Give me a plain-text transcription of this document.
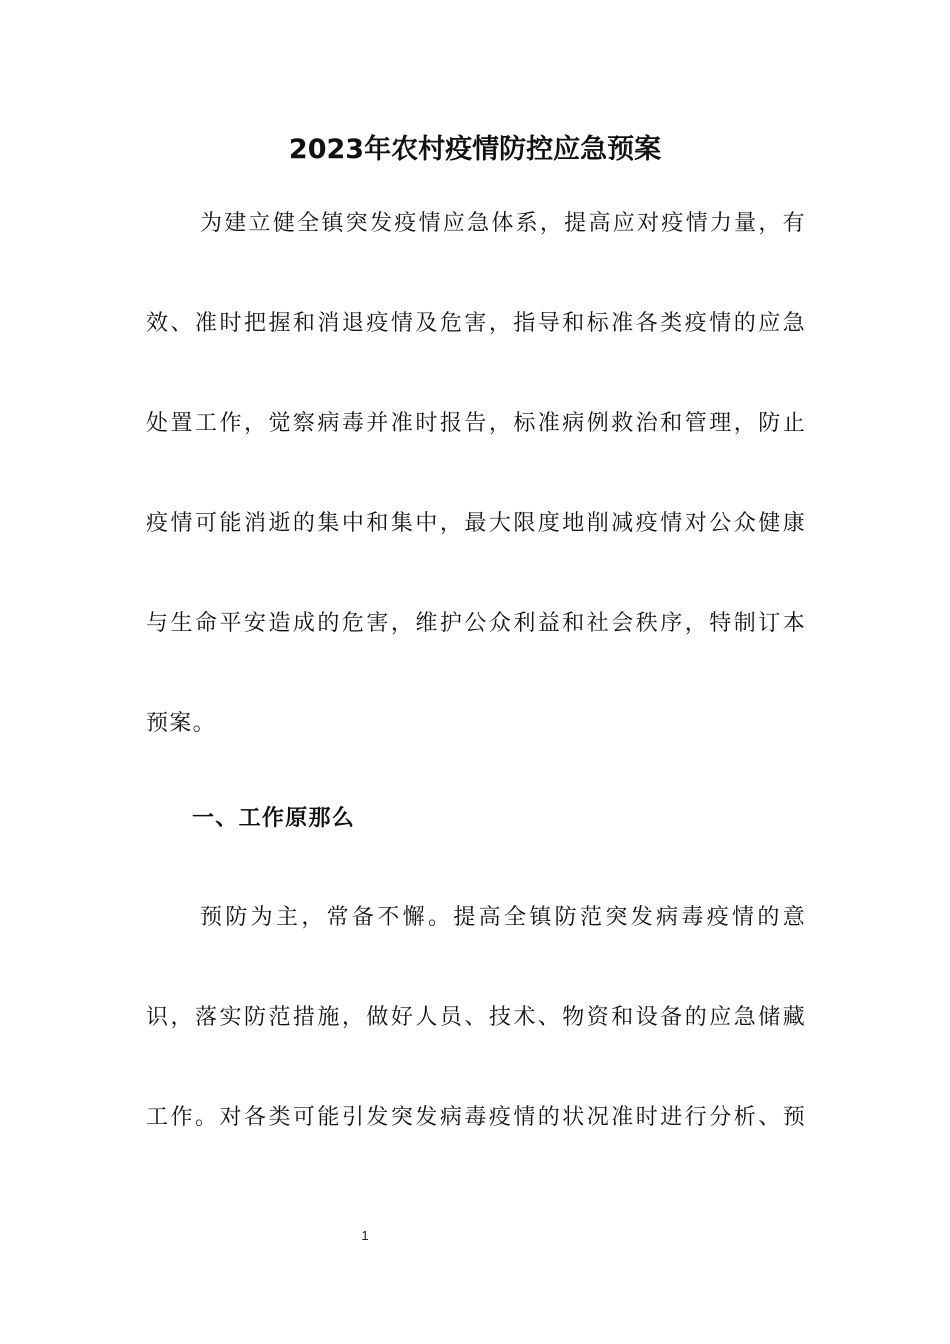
2023年农村疫情防控应急预案
为建立健全镇突发疫情应急体系，提高应对疫情力量，有
效、准时把握和消退疫情及危害，指导和标准各类疫情的应急
处置工作，觉察病毒并准时报告，标准病例救治和管理，防止
疫情可能消逝的集中和集中，最大限度地削减疫情对公众健康
与生命平安造成的危害，维护公众利益和社会秩序，特制订本
预案。
一、工作原那么
预防为主，常备不懈。提高全镇防范突发病毒疫情的意
识，落实防范措施，做好人员、技术、物资和设备的应急储藏
工作。对各类可能引发突发病毒疫情的状况准时进行分析、预
1
